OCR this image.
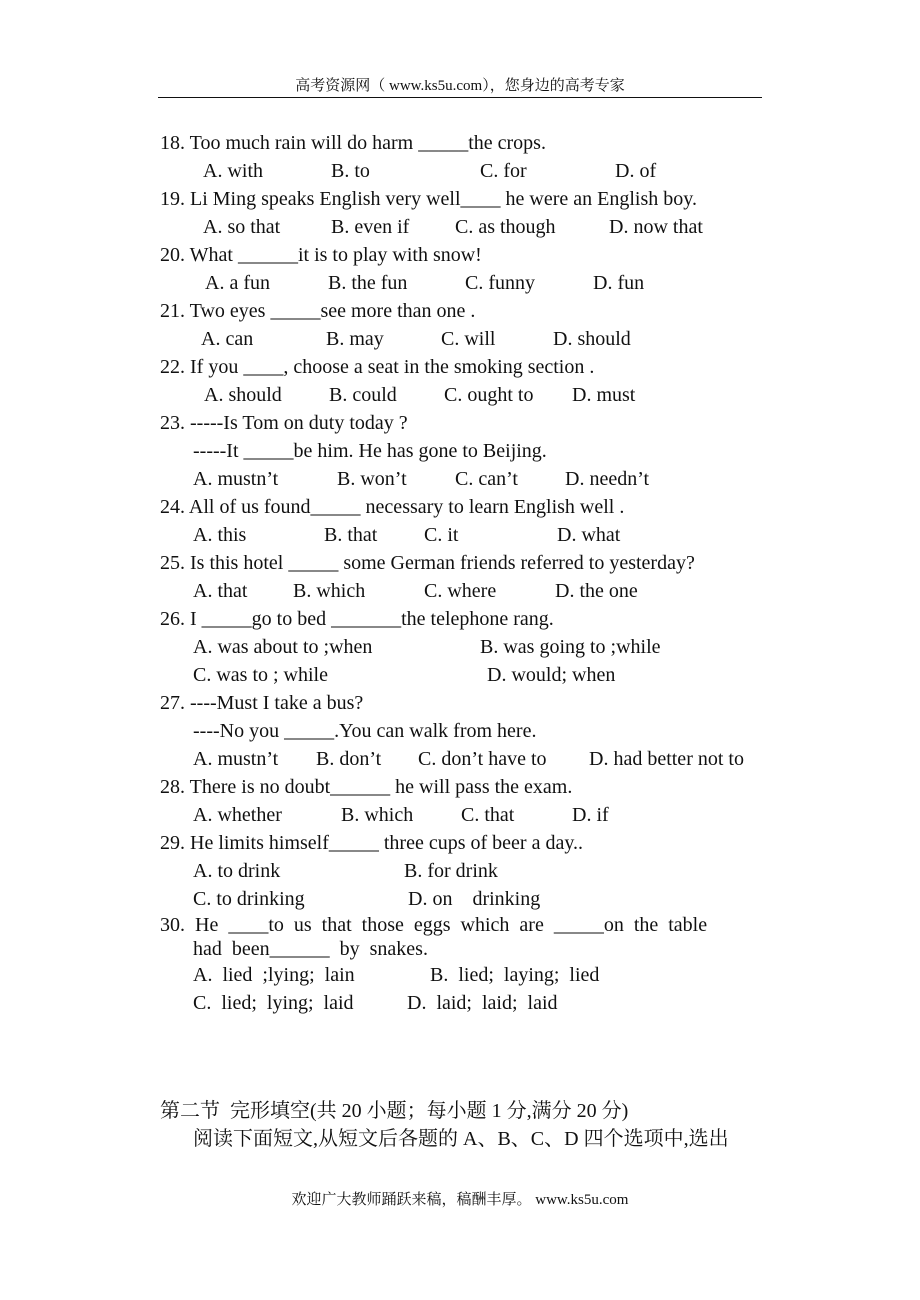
高考资源网（ www.ks5u.com），您身边的高考专家
18. Too much rain will do harm _____the crops.
A. with	B. to	C. for	D. of
19. Li Ming speaks English very well____ he were an English boy.
A. so that	B. even if C. as though	D. now that
20. What ______it is to play with snow!
A. a fun	B. the fun	C. funny	D. fun
21. Two eyes _____see more than one .
A. can	B. may	C. will	D. should
22. If you ____, choose a seat in the smoking section .
A. should B. could C. ought to D. must
23. -----Is Tom on duty today ?
-----It _____be him. He has gone to Beijing.
A. mustn’t	B. won’t C. can’t D. needn’t
24. All of us found_____ necessary to learn English well .
A. this	B. that C. it	D. what
25. Is this hotel _____ some German friends referred to yesterday?
A. that B. which	C. where	D. the one
26. I _____go to bed _______the telephone rang.
A. was about to ;when	B. was going to ;while
C. was to ; while	D. would; when
27. ----Must I take a bus?
----No you _____.You can walk from here.
A. mustn’t B. don’t C. don’t have to D. had better not to
28. There is no doubt______ he will pass the exam.
A. whether	B. which C. that	D. if
29. He limits himself_____ three cups of beer a day..
A. to drink	B. for drink
C. to drinking	D. on    drinking
30.  He  ____to  us  that  those  eggs  which  are  _____on  the  table
had  been______  by  snakes.
A.  lied  ;lying;  lain	B.  lied;  laying;  lied
C.  lied;  lying;  laid	D.  laid;  laid;  laid
第二节  完形填空(共 20 小题；每小题 1 分,满分 20 分)
阅读下面短文,从短文后各题的 A、B、C、D 四个选项中,选出
欢迎广大教师踊跃来稿，稿酬丰厚。 www.ks5u.com
